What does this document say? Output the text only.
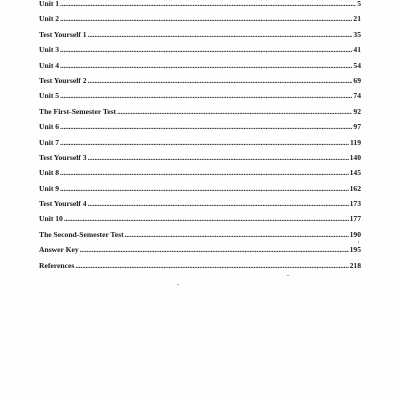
Unit 1 .....	5
Unit 2 .....	21
Test Yourself 1 .....	35
Unit 3 .....	41
Unit 4 .....	54
Test Yourself 2 .....	69
Unit 5 .....	74
The First-Semester Test .....	92
Unit 6 .....	97
Unit 7 .....	119
Test Yourself 3 .....	140
Unit 8 .....	145
Unit 9 .....	162
Test Yourself 4 .....	173
Unit 10 .....	177
The Second-Semester Test .....	190
Answer Key .....	195
References .....	218
